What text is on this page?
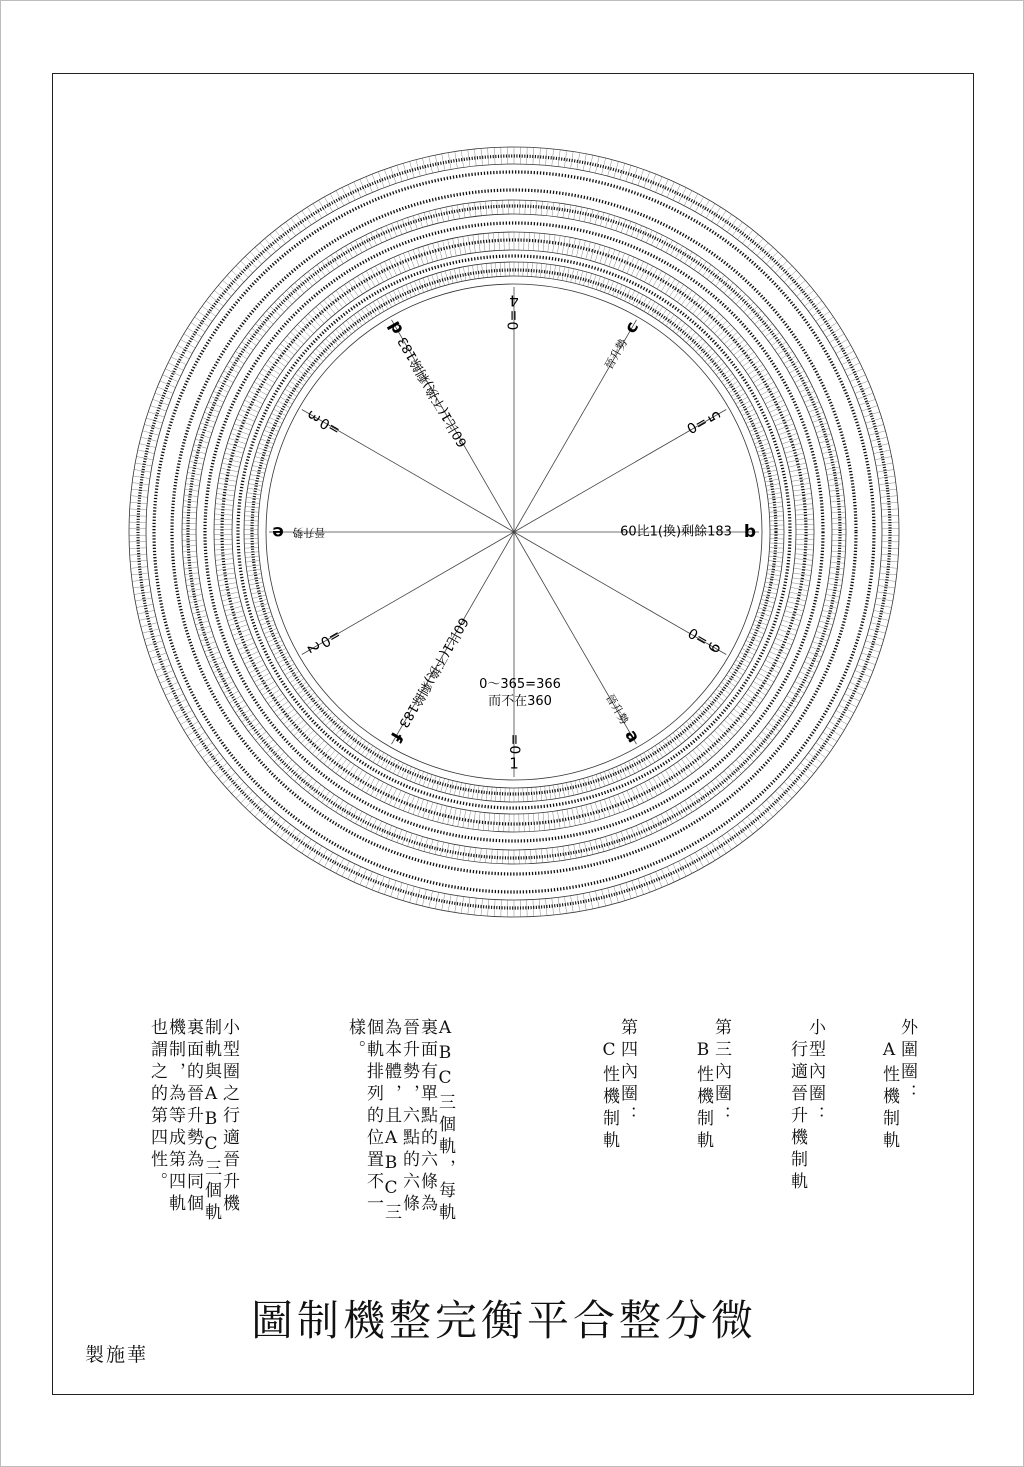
1
=0
2
=0
3
=0
4
0=
5
0=
6
0=
a
晉升勢
b
60比1(換)剩餘183
c
晉升勢
d
60比1(不換)剩餘183
e 晉升勢
f
60比1(不換)剩餘183 0～365=366
而不在360
外圍圈：
　A性機制軌
小型內圈：
　行適晉升機制軌
第三內圈：
　B性機制軌
第四內圈：
　C性機制軌
ABC三個軌，每軌
裏面有單點的六條為
晉升勢，六點的六條
為本體，且ABC三
個軌排列的位置不一
樣。
小型圈之行適晉升機
制軌與ABC三個軌
裏面的晉升勢為同個
機制，為等成第四軌
也謂之的第四性。
圖制機整完衡平合整分微
製施華
